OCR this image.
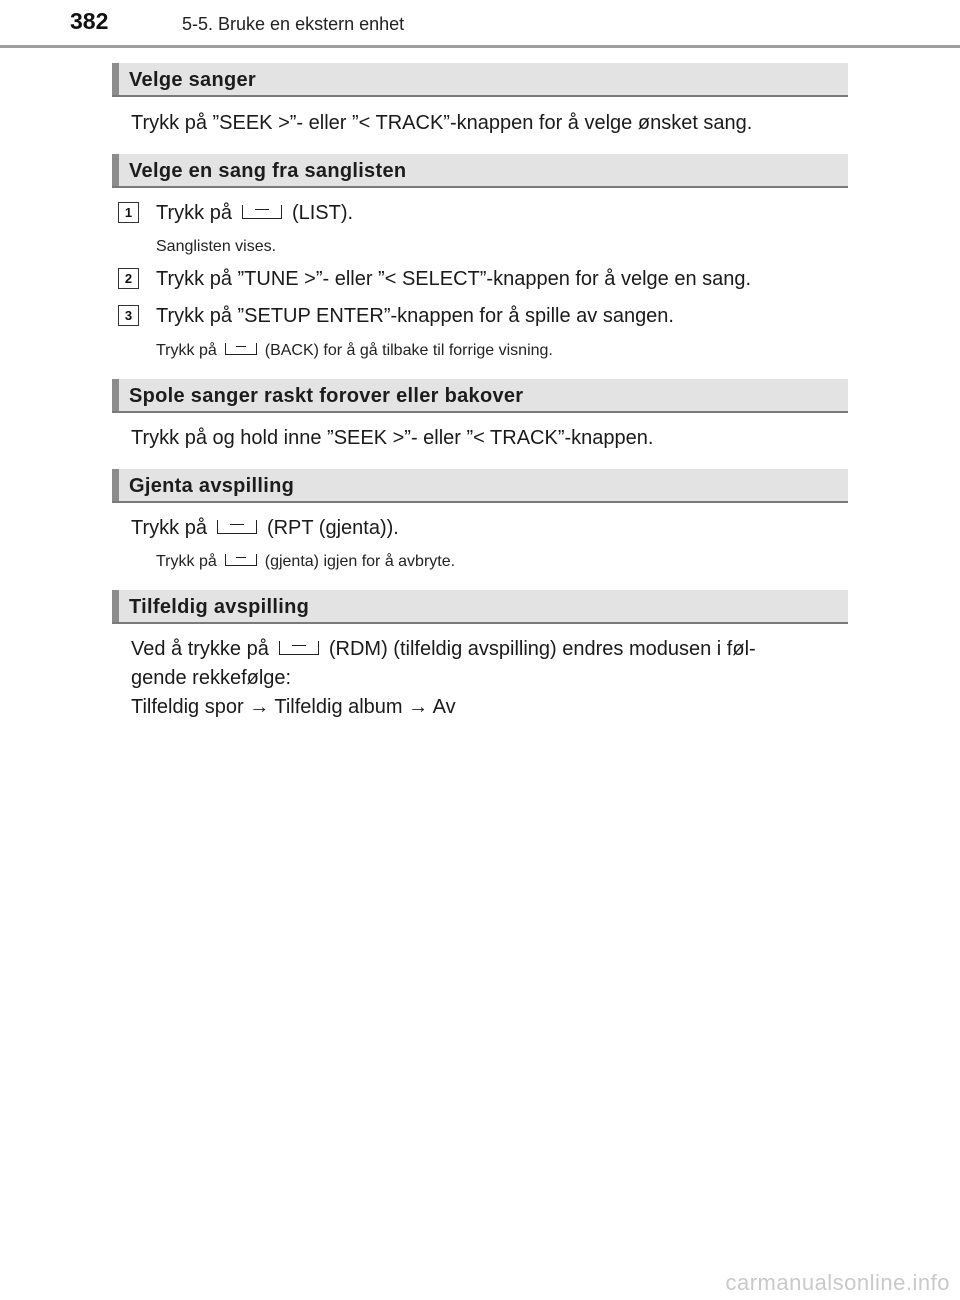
382	5-5. Bruke en ekstern enhet
Velge sanger
Trykk på ”SEEK >”- eller ”< TRACK”-knappen for å velge ønsket sang.
Velge en sang fra sanglisten
1	Trykk på	(LIST).
Sanglisten vises.
2	Trykk på ”TUNE >”- eller ”< SELECT”-knappen for å velge en sang.
3	Trykk på ”SETUP ENTER”-knappen for å spille av sangen.
Trykk på	(BACK) for å gå tilbake til forrige visning.
Spole sanger raskt forover eller bakover
Trykk på og hold inne ”SEEK >”- eller ”< TRACK”-knappen.
Gjenta avspilling
Trykk på	(RPT (gjenta)).
Trykk på	(gjenta) igjen for å avbryte.
Tilfeldig avspilling
Ved å trykke på	(RDM) (tilfeldig avspilling) endres modusen i føl-
gende rekkefølge:
Tilfeldig spor → Tilfeldig album → Av
carmanualsonline.info
